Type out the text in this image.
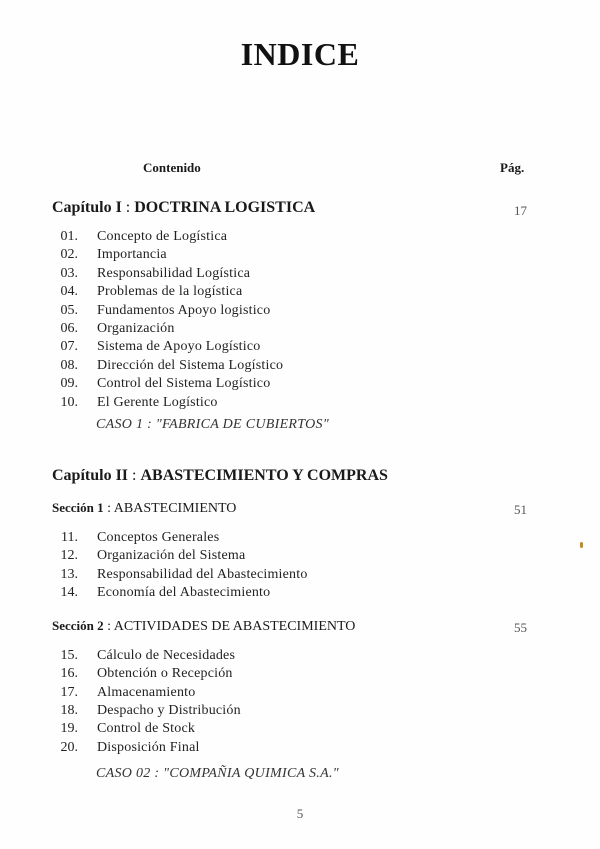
INDICE
Contenido	Pág.
Capítulo I : DOCTRINA LOGISTICA	17
01. Concepto de Logística
02. Importancia
03. Responsabilidad Logística
04. Problemas de la logística
05. Fundamentos Apoyo logistico
06. Organización
07. Sistema de Apoyo Logístico
08. Dirección del Sistema Logístico
09. Control del Sistema Logístico
10. El Gerente Logístico
CASO 1 : "FABRICA DE CUBIERTOS"
Capítulo II : ABASTECIMIENTO Y COMPRAS
Sección 1 : ABASTECIMIENTO	51
11. Conceptos Generales
12. Organización del Sistema
13. Responsabilidad del Abastecimiento
14. Economía del Abastecimiento
Sección 2 : ACTIVIDADES DE ABASTECIMIENTO	55
15. Cálculo de Necesidades
16. Obtención o Recepción
17. Almacenamiento
18. Despacho y Distribución
19. Control de Stock
20. Disposición Final
CASO 02 : "COMPAÑIA QUIMICA S.A."
5
